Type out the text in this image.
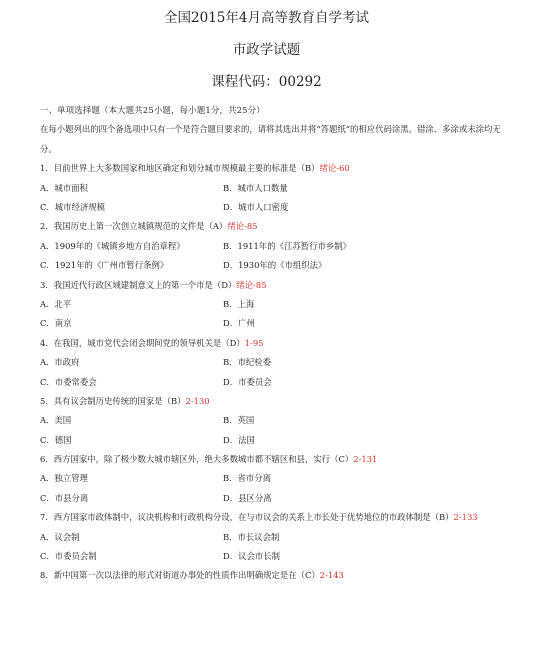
全国2015年4月高等教育自学考试
市政学试题
课程代码：00292
一、单项选择题（本大题共25小题，每小题1分，共25分）
在每小题列出的四个备选项中只有一个是符合题目要求的，请将其选出并将“答题纸”的相应代码涂黑。错涂、多涂或未涂均无分。
1．目前世界上大多数国家和地区确定和划分城市规模最主要的标准是（B）绪论-60
A．城市面积	B．城市人口数量
C．城市经济规模	D．城市人口密度
2．我国历史上第一次创立城镇规范的文件是（A）绪论-85
A．1909年的《城镇乡地方自治章程》	B．1911年的《江苏暂行市乡制》
C．1921年的《广州市暂行条例》	D．1930年的《市组织法》
3．我国近代行政区域建制意义上的第一个市是（D）绪论-85
A．北平	B．上海
C．南京	D．广州
4．在我国，城市党代会闭会期间党的领导机关是（D）1-95
A．市政府	B．市纪检委
C．市委常委会	D．市委员会
5．具有议会制历史传统的国家是（B）2-130
A．美国	B．英国
C．德国	D．法国
6．西方国家中，除了极少数大城市辖区外，绝大多数城市都不辖区和县，实行（C）2-131
A．独立管理	B．省市分离
C．市县分离	D．县区分离
7．西方国家市政体制中，议决机构和行政机构分设，在与市议会的关系上市长处于优势地位的市政体制是（B）2-133
A．议会制	B．市长议会制
C．市委员会制	D．议会市长制
8．新中国第一次以法律的形式对街道办事处的性质作出明确规定是在（C）2-143
